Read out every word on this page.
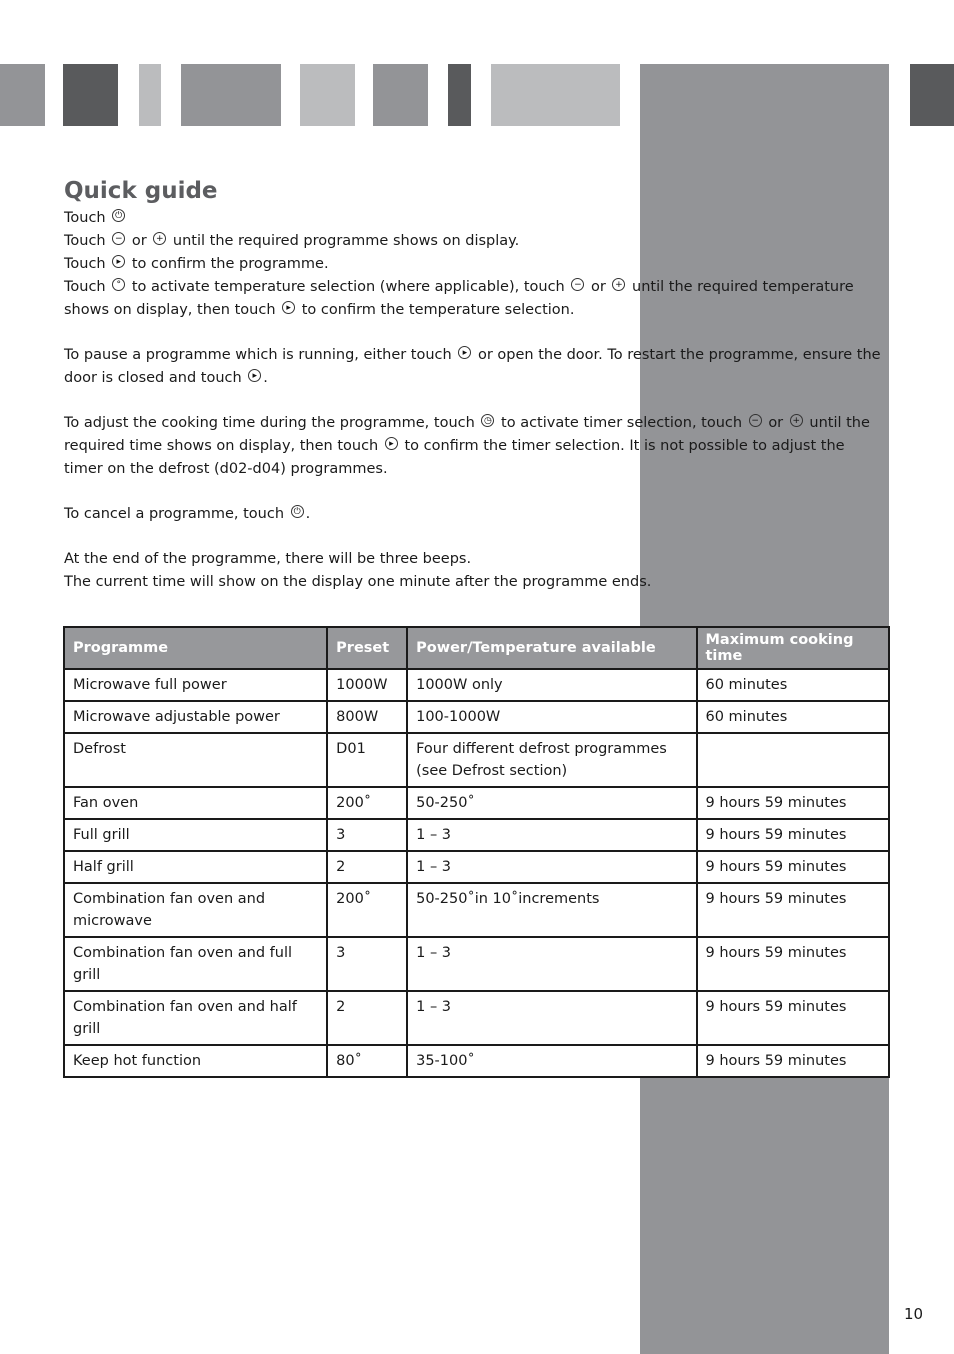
Quick guide

Touch ⏻

Touch − or + until the required programme shows on display.

Touch ▸ to confirm the programme.

Touch ° to activate temperature selection (where applicable), touch − or + until the required temperature shows on display, then touch ▸ to confirm the temperature selection.

To pause a programme which is running, either touch ▸ or open the door. To restart the programme, ensure the door is closed and touch ▸ .

To adjust the cooking time during the programme, touch ◷ to activate timer selection, touch − or + until the required time shows on display, then touch ▸ to confirm the timer selection. It is not possible to adjust the timer on the defrost (d02-d04) programmes.

To cancel a programme, touch ⏻ .

At the end of the programme, there will be three beeps.

The current time will show on the display one minute after the programme ends.

Programme	Preset	Power/Temperature available	Maximum cooking time
Microwave full power	1000W	1000W only	60 minutes
Microwave adjustable power	800W	100-1000W	60 minutes
Defrost	D01	Four different defrost programmes (see Defrost section)	
Fan oven	200˚	50-250˚	9 hours 59 minutes
Full grill	3	1 – 3	9 hours 59 minutes
Half grill	2	1 – 3	9 hours 59 minutes
Combination fan oven and microwave	200˚	50-250˚in 10˚increments	9 hours 59 minutes
Combination fan oven and full grill	3	1 – 3	9 hours 59 minutes
Combination fan oven and half grill	2	1 – 3	9 hours 59 minutes
Keep hot function	80˚	35-100˚	9 hours 59 minutes
10
